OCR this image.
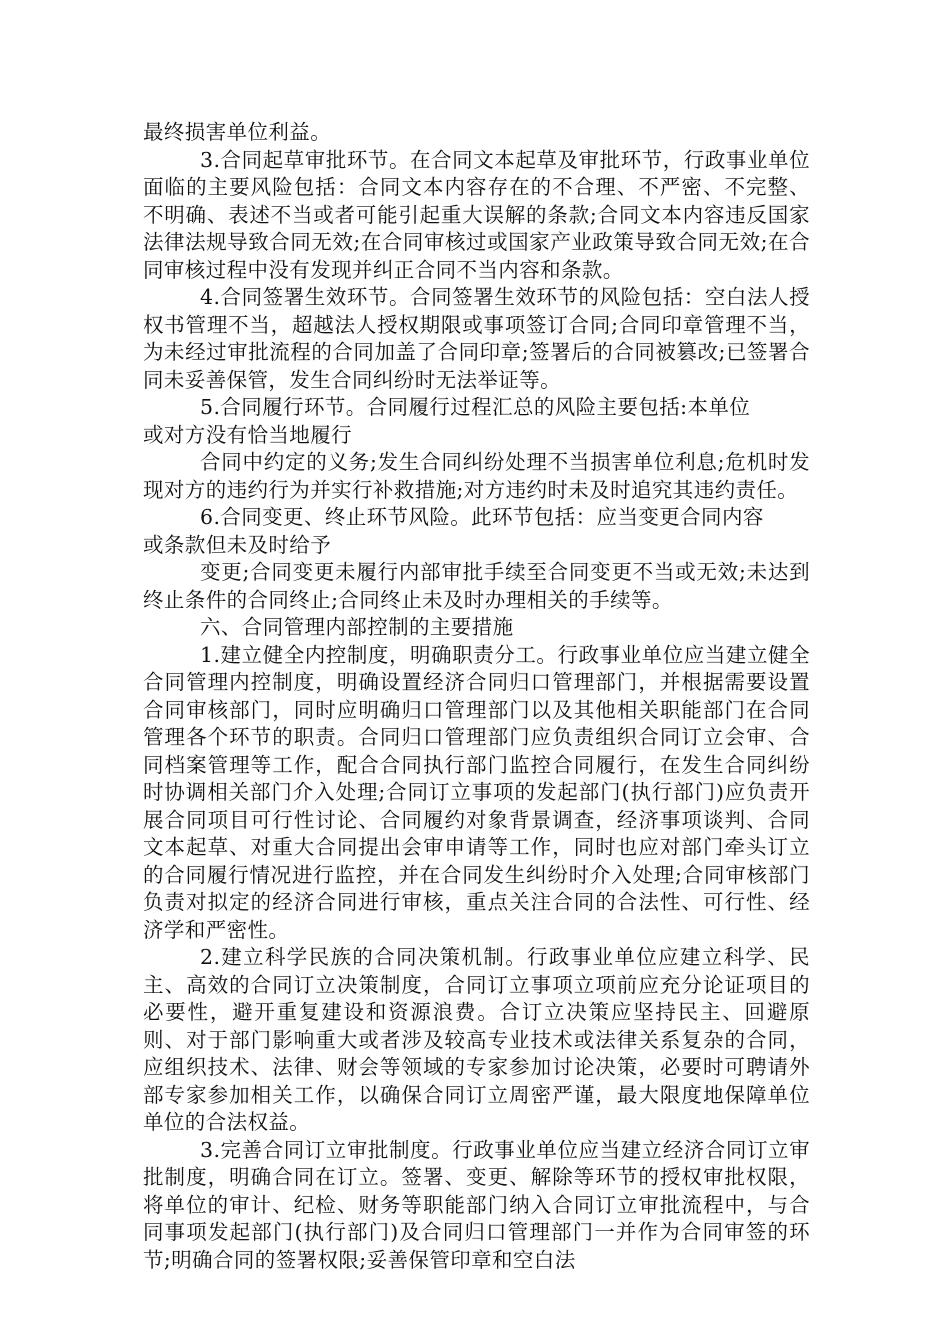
最终损害单位利益。

3.合同起草审批环节。在合同文本起草及审批环节，行政事业单位面临的主要风险包括：合同文本内容存在的不合理、不严密、不完整、不明确、表述不当或者可能引起重大误解的条款;合同文本内容违反国家法律法规导致合同无效;在合同审核过或国家产业政策导致合同无效;在合同审核过程中没有发现并纠正合同不当内容和条款。

4.合同签署生效环节。合同签署生效环节的风险包括：空白法人授权书管理不当，超越法人授权期限或事项签订合同;合同印章管理不当，为未经过审批流程的合同加盖了合同印章;签署后的合同被篡改;已签署合同未妥善保管，发生合同纠纷时无法举证等。

5.合同履行环节。合同履行过程汇总的风险主要包括:本单位

或对方没有恰当地履行

合同中约定的义务;发生合同纠纷处理不当损害单位利息;危机时发现对方的违约行为并实行补救措施;对方违约时未及时追究其违约责任。

6.合同变更、终止环节风险。此环节包括：应当变更合同内容

或条款但未及时给予

变更;合同变更未履行内部审批手续至合同变更不当或无效;未达到终止条件的合同终止;合同终止未及时办理相关的手续等。

六、合同管理内部控制的主要措施

1.建立健全内控制度，明确职责分工。行政事业单位应当建立健全合同管理内控制度，明确设置经济合同归口管理部门，并根据需要设置合同审核部门，同时应明确归口管理部门以及其他相关职能部门在合同管理各个环节的职责。合同归口管理部门应负责组织合同订立会审、合同档案管理等工作，配合合同执行部门监控合同履行，在发生合同纠纷时协调相关部门介入处理;合同订立事项的发起部门(执行部门)应负责开展合同项目可行性讨论、合同履约对象背景调查，经济事项谈判、合同文本起草、对重大合同提出会审申请等工作，同时也应对部门牵头订立的合同履行情况进行监控，并在合同发生纠纷时介入处理;合同审核部门负责对拟定的经济合同进行审核，重点关注合同的合法性、可行性、经济学和严密性。

2.建立科学民族的合同决策机制。行政事业单位应建立科学、民主、高效的合同订立决策制度，合同订立事项立项前应充分论证项目的必要性，避开重复建设和资源浪费。合订立决策应坚持民主、回避原则、对于部门影响重大或者涉及较高专业技术或法律关系复杂的合同，应组织技术、法律、财会等领域的专家参加讨论决策，必要时可聘请外部专家参加相关工作，以确保合同订立周密严谨，最大限度地保障单位单位的合法权益。

3.完善合同订立审批制度。行政事业单位应当建立经济合同订立审批制度，明确合同在订立。签署、变更、解除等环节的授权审批权限，将单位的审计、纪检、财务等职能部门纳入合同订立审批流程中，与合同事项发起部门(执行部门)及合同归口管理部门一并作为合同审签的环节;明确合同的签署权限;妥善保管印章和空白法
